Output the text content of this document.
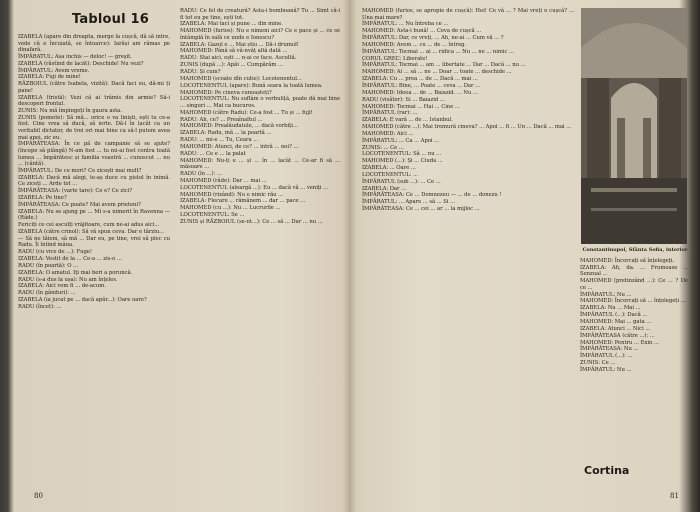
Tabloul 16

IZABELA (apare din dreapta, merge la cușcă, dă să intre, vede că e încuiată, se întoarce): Iarăși am rămas pe dinafară.

ÎMPĂRATUL: Asa inchis — deloc! — greşit.

IZABELA (răstind de lacăt): Deschide! Nu vezi?

ÎMPĂRATUL: Avem vreme.

IZABELA: Fuji de mine!

RĂZBOIUL (către Isabela, vizită): Dacă faci eu, dă-mi ți pane!

IZABELA (tristă): Vezi că ai trâmis din armie? Să-i descoperi frontul.

ZUNIS: Nu mă împingeți în gaura asta.

ZUNIS (pomete): Să mă... orice o va liniști, ești tu ce-a fost. Cine vrea să ducă, să ierte. Dă-l în lacăt ca un veritabil dictator, de trei ori mai bine ca să-l putem avea mai apoi, zic eu.

ÎMPĂRĂTEASA: În ce pă de campanie să se ajute? (începe să plângă) N-am fost ... tu mi-ai fost contra toată lumea ... împărătesc și familia voastră ... cunoscut ... nu ... (cântă).

ÎMPĂRATUL: De ce mori? Ce zicești mai mult?

IZABELA: Dacă mă alegi, te-aș duce cu pistol în inimă. Ce ziceți ... Arde tot ...

ÎMPĂRĂTEASA: (varte tare): Ce e? Ce zici?

IZABELA: Pe tine?

ÎMPĂRĂTEASA: Ce poate? Mai avem prieteni?

IZABELA: Nu se ajung pe ... Mi s-a nimerit în Ravenna — (Râde.)

Fericiți ce cei asculți vrăjitoare, cum ne-ai adus aici...

IZABELA (către crinol): Să vă spun ceva. Dar e târziu...

— Să ne tăiem, să mă ... Dar eu, pe tine, vrei să plec cu Radu. Îi întind mâna.

RADU (cu vice de ...): Fuge!

IZABELA: Vestit de la ... Ce-a ... zis-o ...

RADU (în poartă): O ...

IZABELA: O amatul. Iți mai beri a poruncă.

RADU (s-a dus la ușa): Nu am înțeles.

IZABELA: Aici vom fi ... de-acum.

RADU (în gânduri): ...

IZABELA (ia jucat pe ... dacă apăr...): Oare oare?

RADU (încet): ...

RADU: Ce fel de creatură? Asta-i bomboană? Tu ... Simt că-i fi tot eu pe tine, ești tot.

IZABELA: Mai taci și pune ... din mine.

MAHOMED (furios): Nu e nimeni aici? Ce e pace și ... ce se întâmplă în sală ce unde e Ionescu?

IZABELA: Gazul e ... Mai știu ... Dă-i drumul!

MAHOMED: Până să vă-nvăț altă dată ...

RADU: Stai aici, ești ... n-ai ce face. Ascultă.

ZUNIS (după ...): Apăi ... Cumpărăm ...

RADU: Și cum?

MAHOMED (scoate dîn cutie): Locotenentul...

LOCOTENENTUL (apare): Bună seara la toată lumea.

MAHOMED: Pe cineva cunoașteți?

LOCOTENENTUL: Nu suflăm o vorbuliță, poate dă mai bine ... singuri ... Mai ca bucuros.

MAHOMED (către Radu): Ce-a fost ... Tu și ... fuji!

RADU: Ah, ce? ... Preaînaltul ...

MAHOMED: Prealăudatule, ... dacă vorbiți...

IZABELA: Radu, mă ... la poartă ...

RADU: ... mi-e ... Tu, Ceara ...

MAHOMED: Atunci, de ce? ... intră ... noi? ...

RADU: ... Ce e ... la palat

MAHOMED: Nu-ți e ... și ... în ... lacăt ... Ce-ar fi să ... măsoare ...

RADU (în ...): ...

MAHOMED (râde): Dar ... mai ...

LOCOTENENTUL (aleargă ...): Eu ... dacă vă ... veniți ...

MAHOMED (rizând): Nu e nimic rău ...

IZABELA: Fiecare ... rămânem ... dar ... pace ...

MAHOMED (cu ...): Nu ... Lucrurile ...

LOCOTENENTUL: Se ...

ZUNIS și RĂZBOIUL (se-nt...): Ce ... să ... Dar ... nu ...

80

MAHOMED (furios, se apropie de cușcă): Hei! Ce vă ... ? Mai vreți o cușcă? ... Una mai mare?

ÎMPĂRATUL: ... Nu întreba ce ...

MAHOMED: Asta-i bună! ... Ceva de cușcă ...

ÎMPĂRATUL: Dar, ce vreți, ... Ah, ne-ai ... Cum vă ... ?

MAHOMED: Avem ... cu ... de ... întreg.

ÎMPĂRATUL: Tocmai ... ai ... ridica ... Nu ... ne ... nimic ...

CORUL GREC: Liberate!

ÎMPĂRATUL: Tocmai ... am ... libertate ... Dar ... Dacă ... nu ...

MAHOMED: Ai ... să ... ne ... Doar ... toate ... deschide ...

IZABELA: Cu ... prea ... de ... Dacă ... mai ...

ÎMPĂRATUL: Bine, ... Poate ... ceva ... Dar ...

MAHOMED: Ideea ... de ... Baiazid. ... Nu ...

RADU (visător): Si ... Baiazid ...

MAHOMED: Tocmai ... Hai ... Cine ...

ÎMPĂRATUL (rar): ...

IZABELA: E vară ... de ... Istanbul.

MAHOMED (către ...): Mai tremură cineva? ... Apoi ... fi ... Un ... Dacă ... mai ...

MAHOMED: Aici ...

ÎMPĂRATUL: ... Ca ... Apoi ...

ZUNIS: ... Ce ...

LOCOTENENTUL: Să ... nu ...

MAHOMED (...): Și ... Ciuda ...

IZABELA: ... Oare ...

LOCOTENENTUL: ...

ÎMPĂRATUL (sub ...): ... Ce ...

IZABELA: Dar ...

ÎMPĂRĂTEASA: Ce ... Domnezeu — ... de ... donezu !

ÎMPĂRATUL: ... Apare ... să ... Si ...

ÎMPĂRĂTEASA: Ce ... cei ... ar ... la mijloc ...

Constantinopol, Sfânta Sofia, interior

MAHOMED: Încercați să înțelegeți.

IZABELA: Ah, da. ... Frumoase ... Senzual ...

MAHOMED (pretinzând ...): Ce ... ? De ce ...

ÎMPĂRATUL: Nu ...

MAHOMED: Încercați să ... înțelegeți ...

IZABELA: Nu ... Mai ...

ÎMPĂRATUL (...): Dacă ...

MAHOMED: Mai ... gata ...

IZABELA: Atunci ... Nici ...

ÎMPĂRĂTEASA (către ...): ...

MAHOMED: Pentru ... Exin ...

ÎMPĂRĂTEASA: Nu ...

ÎMPĂRATUL (...): ...

ZUNIS: Ce ...

ÎMPĂRATUL: Nu ...

Cortina
81
